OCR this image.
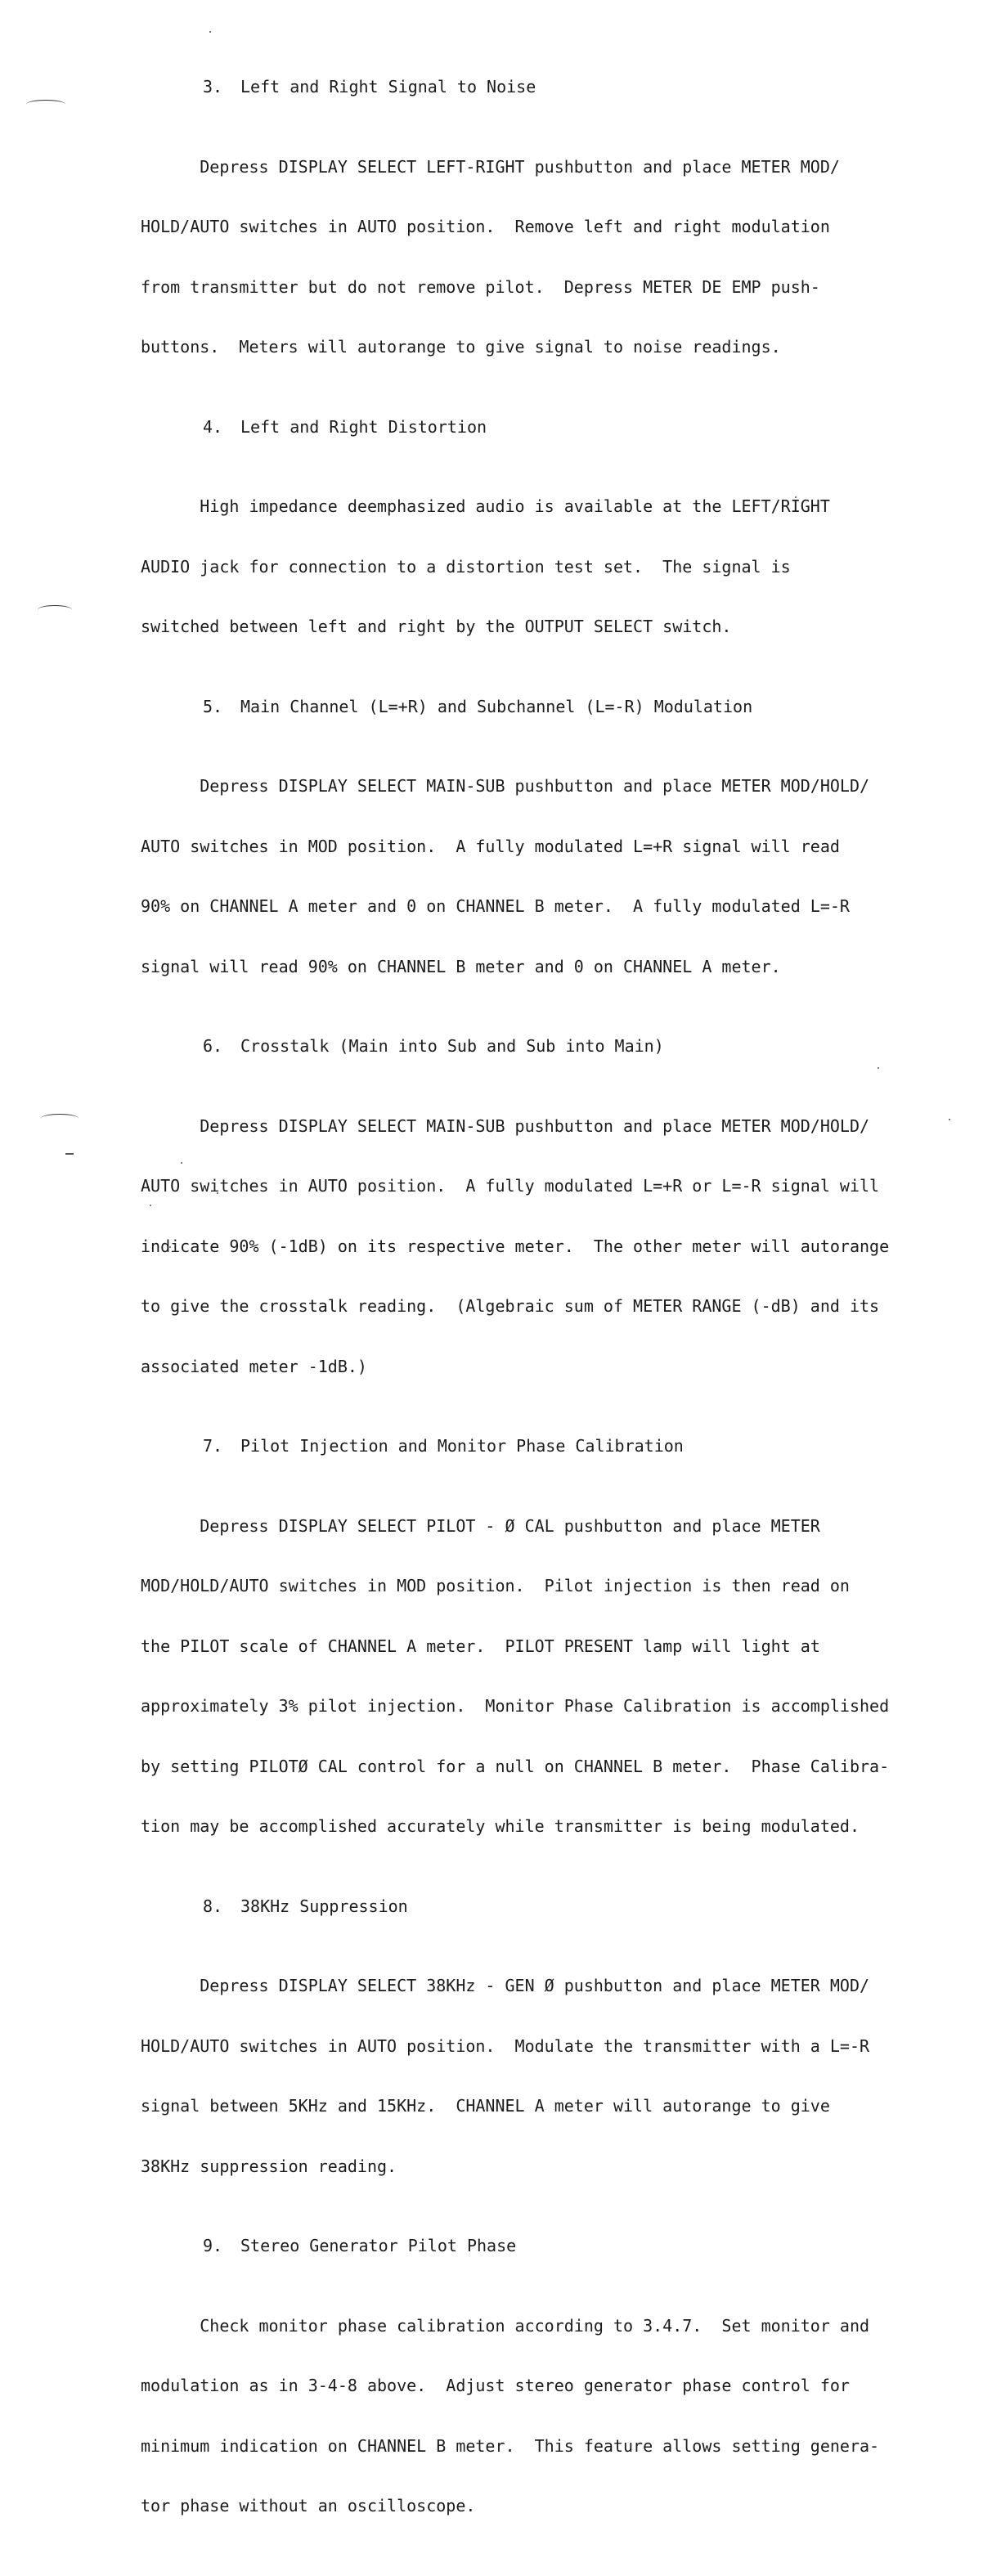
3. Left and Right Signal to Noise

Depress DISPLAY SELECT LEFT-RIGHT pushbutton and place METER MOD/

HOLD/AUTO switches in AUTO position.  Remove left and right modulation

from transmitter but do not remove pilot.  Depress METER DE EMP push-

buttons.  Meters will autorange to give signal to noise readings.

4. Left and Right Distortion

High impedance deemphasized audio is available at the LEFT/RIGHT

AUDIO jack for connection to a distortion test set.  The signal is

switched between left and right by the OUTPUT SELECT switch.

5. Main Channel (L=+R) and Subchannel (L=-R) Modulation

Depress DISPLAY SELECT MAIN-SUB pushbutton and place METER MOD/HOLD/

AUTO switches in MOD position.  A fully modulated L=+R signal will read

90% on CHANNEL A meter and 0 on CHANNEL B meter.  A fully modulated L=-R

signal will read 90% on CHANNEL B meter and 0 on CHANNEL A meter.

6. Crosstalk (Main into Sub and Sub into Main)

Depress DISPLAY SELECT MAIN-SUB pushbutton and place METER MOD/HOLD/

AUTO switches in AUTO position.  A fully modulated L=+R or L=-R signal will

indicate 90% (-1dB) on its respective meter.  The other meter will autorange

to give the crosstalk reading.  (Algebraic sum of METER RANGE (-dB) and its

associated meter -1dB.)

7. Pilot Injection and Monitor Phase Calibration

Depress DISPLAY SELECT PILOT - Ø CAL pushbutton and place METER

MOD/HOLD/AUTO switches in MOD position.  Pilot injection is then read on

the PILOT scale of CHANNEL A meter.  PILOT PRESENT lamp will light at

approximately 3% pilot injection.  Monitor Phase Calibration is accomplished

by setting PILOTØ CAL control for a null on CHANNEL B meter.  Phase Calibra-

tion may be accomplished accurately while transmitter is being modulated.

8. 38KHz Suppression

Depress DISPLAY SELECT 38KHz - GEN Ø pushbutton and place METER MOD/

HOLD/AUTO switches in AUTO position.  Modulate the transmitter with a L=-R

signal between 5KHz and 15KHz.  CHANNEL A meter will autorange to give

38KHz suppression reading.

9. Stereo Generator Pilot Phase

Check monitor phase calibration according to 3.4.7.  Set monitor and

modulation as in 3-4-8 above.  Adjust stereo generator phase control for

minimum indication on CHANNEL B meter.  This feature allows setting genera-

tor phase without an oscilloscope.
